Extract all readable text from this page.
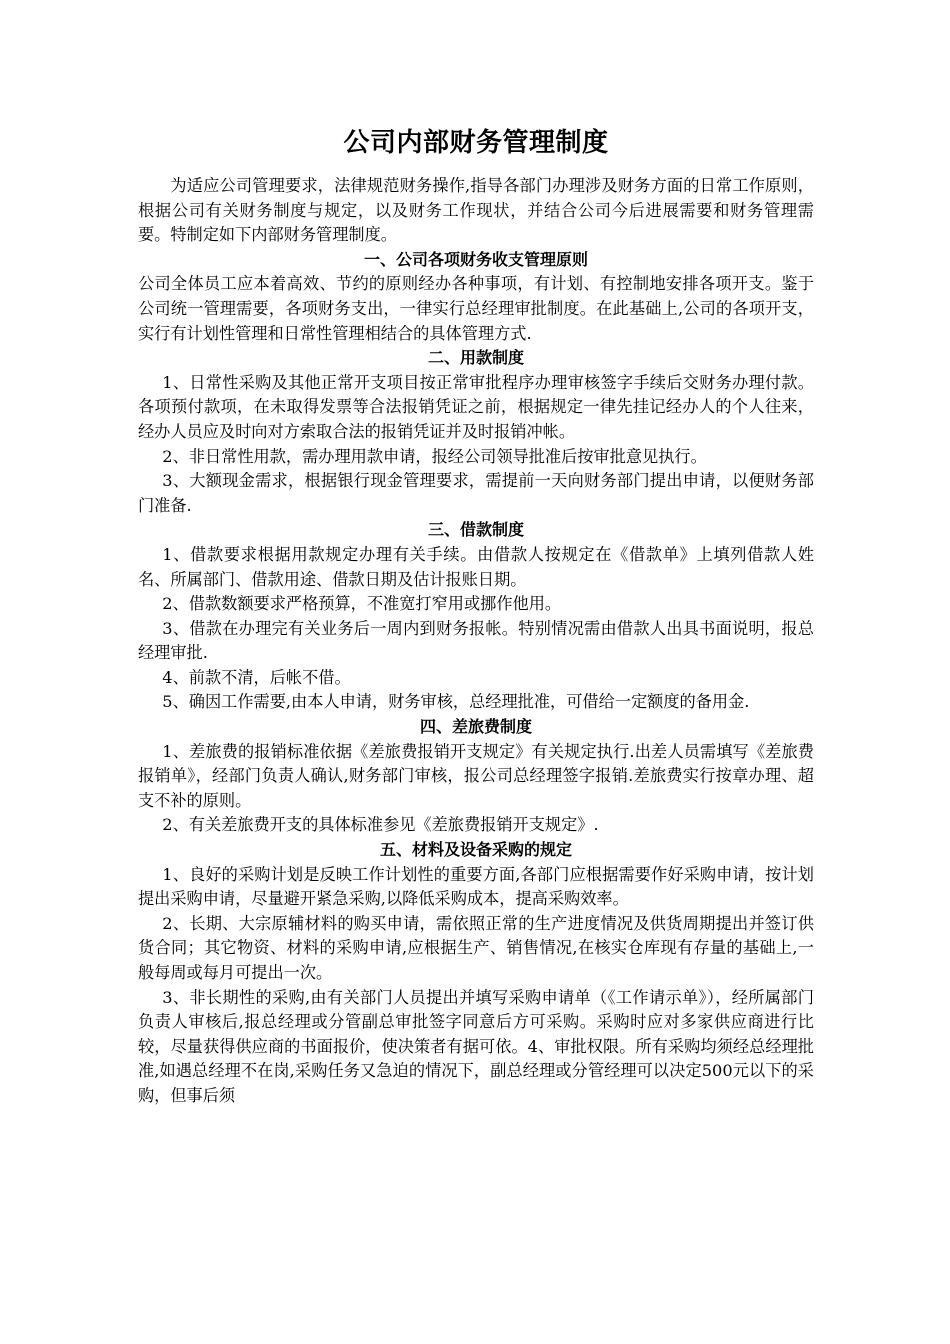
公司内部财务管理制度

为适应公司管理要求，法律规范财务操作,指导各部门办理涉及财务方面的日常工作原则，根据公司有关财务制度与规定，以及财务工作现状，并结合公司今后进展需要和财务管理需要。特制定如下内部财务管理制度。

一、公司各项财务收支管理原则

公司全体员工应本着高效、节约的原则经办各种事项，有计划、有控制地安排各项开支。鉴于公司统一管理需要，各项财务支出，一律实行总经理审批制度。在此基础上,公司的各项开支，实行有计划性管理和日常性管理相结合的具体管理方式.

二、用款制度

1、日常性采购及其他正常开支项目按正常审批程序办理审核签字手续后交财务办理付款。各项预付款项，在未取得发票等合法报销凭证之前，根据规定一律先挂记经办人的个人往来，经办人员应及时向对方索取合法的报销凭证并及时报销冲帐。

2、非日常性用款，需办理用款申请，报经公司领导批准后按审批意见执行。

3、大额现金需求，根据银行现金管理要求，需提前一天向财务部门提出申请，以便财务部门准备.

三、借款制度

1、借款要求根据用款规定办理有关手续。由借款人按规定在《借款单》上填列借款人姓名、所属部门、借款用途、借款日期及估计报账日期。

2、借款数额要求严格预算，不准宽打窄用或挪作他用。

3、借款在办理完有关业务后一周内到财务报帐。特别情况需由借款人出具书面说明，报总经理审批.

4、前款不清，后帐不借。

5、确因工作需要,由本人申请，财务审核，总经理批准，可借给一定额度的备用金.

四、差旅费制度

1、差旅费的报销标准依据《差旅费报销开支规定》有关规定执行.出差人员需填写《差旅费报销单》，经部门负责人确认,财务部门审核，报公司总经理签字报销.差旅费实行按章办理、超支不补的原则。

2、有关差旅费开支的具体标准参见《差旅费报销开支规定》.

五、材料及设备采购的规定

1、良好的采购计划是反映工作计划性的重要方面,各部门应根据需要作好采购申请，按计划提出采购申请，尽量避开紧急采购,以降低采购成本，提高采购效率。

2、长期、大宗原辅材料的购买申请，需依照正常的生产进度情况及供货周期提出并签订供货合同；其它物资、材料的采购申请,应根据生产、销售情况,在核实仓库现有存量的基础上,一般每周或每月可提出一次。

3、非长期性的采购,由有关部门人员提出并填写采购申请单（《工作请示单》），经所属部门负责人审核后,报总经理或分管副总审批签字同意后方可采购。采购时应对多家供应商进行比较，尽量获得供应商的书面报价，使决策者有据可依。4、审批权限。所有采购均须经总经理批准,如遇总经理不在岗,采购任务又急迫的情况下，副总经理或分管经理可以决定500元以下的采购，但事后须
